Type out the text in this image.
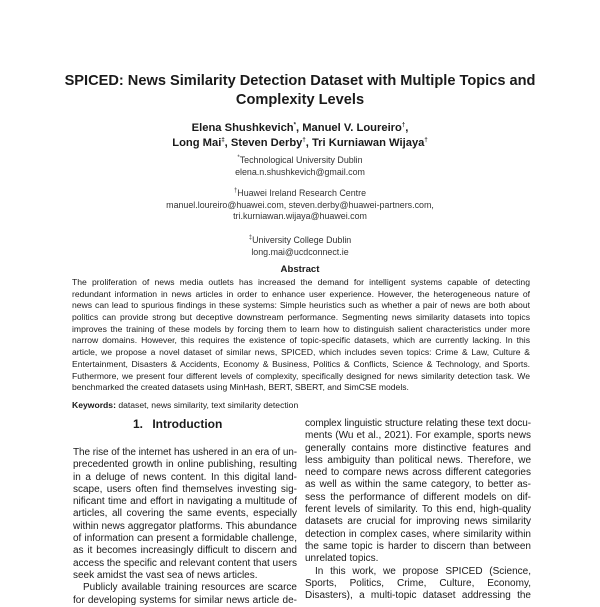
SPICED: News Similarity Detection Dataset with Multiple Topics and
Complexity Levels
Elena Shushkevich*, Manuel V. Loureiro†,
Long Mai‡, Steven Derby†, Tri Kurniawan Wijaya†
*Technological University Dublin
elena.n.shushkevich@gmail.com
†Huawei Ireland Research Centre
manuel.loureiro@huawei.com, steven.derby@huawei-partners.com,
tri.kurniawan.wijaya@huawei.com
‡University College Dublin
long.mai@ucdconnect.ie
Abstract
The proliferation of news media outlets has increased the demand for intelligent systems capable of detecting
redundant information in news articles in order to enhance user experience. However, the heterogeneous nature of
news can lead to spurious findings in these systems: Simple heuristics such as whether a pair of news are both about
politics can provide strong but deceptive downstream performance. Segmenting news similarity datasets into topics
improves the training of these models by forcing them to learn how to distinguish salient characteristics under more
narrow domains. However, this requires the existence of topic-specific datasets, which are currently lacking. In this
article, we propose a novel dataset of similar news, SPICED, which includes seven topics: Crime & Law, Culture &
Entertainment, Disasters & Accidents, Economy & Business, Politics & Conflicts, Science & Technology, and Sports.
Futhermore, we present four different levels of complexity, specifically designed for news similarity detection task. We
benchmarked the created datasets using MinHash, BERT, SBERT, and SimCSE models.
Keywords: dataset, news similarity, text similarity detection
1. Introduction
The rise of the internet has ushered in an era of un-
precedented growth in online publishing, resulting
in a deluge of news content. In this digital land-
scape, users often find themselves investing sig-
nificant time and effort in navigating a multitude of
articles, all covering the same events, especially
within news aggregator platforms. This abundance
of information can present a formidable challenge,
as it becomes increasingly difficult to discern and
access the specific and relevant content that users
seek amidst the vast sea of news articles.
Publicly available training resources are scarce
for developing systems for similar news article de-
complex linguistic structure relating these text docu-
ments (Wu et al., 2021). For example, sports news
generally contains more distinctive features and
less ambiguity than political news. Therefore, we
need to compare news across different categories
as well as within the same category, to better as-
sess the performance of different models on dif-
ferent levels of similarity. To this end, high-quality
datasets are crucial for improving news similarity
detection in complex cases, where similarity within
the same topic is harder to discern than between
unrelated topics.
In this work, we propose SPICED (Science,
Sports, Politics, Crime, Culture, Economy,
Disasters), a multi-topic dataset addressing the
